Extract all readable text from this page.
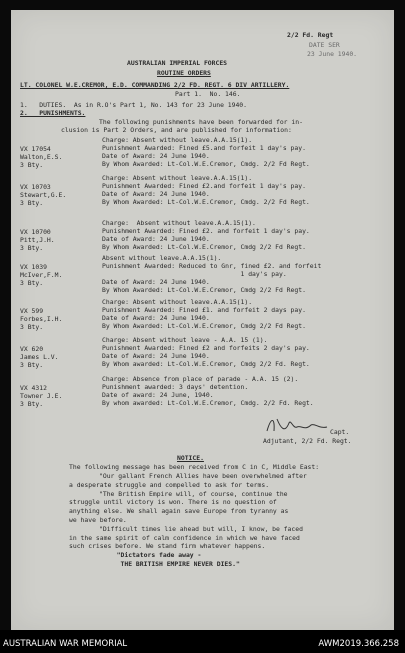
2/2 Fd. Regt
DATE SER
23 June 1940.
AUSTRALIAN IMPERIAL FORCES
ROUTINE ORDERS
LT. COLONEL W.E.CREMOR, E.D. COMMANDING 2/2 FD. REGT. 6 DIV ARTILLERY.
Part 1.  No. 146.
1.   DUTIES.  As in R.O's Part 1, No. 143 for 23 June 1940.
2.   PUNISHMENTS.
Capt.
Adjutant, 2/2 Fd. Regt.
NOTICE.
The following message has been received from C in C, Middle East:
The following punishments have been forwarded for in-
clusion is Part 2 Orders, and are published for information:
VX 17054
Walton,E.S.
3 Bty.
Charge: Absent without leave.A.A.15(1).
Punishment Awarded: Fined £5.and forfeit 1 day's pay.
Date of Award: 24 June 1940.
By Whom Awarded: Lt-Col.W.E.Cremor, Cmdg. 2/2 Fd Regt.
VX 10703
Stewart,G.E.
3 Bty.
Charge: Absent without leave.A.A.15(1).
Punishment Awarded: Fined £2.and forfeit 1 day's pay.
Date of Award: 24 June 1940.
By Whom Awarded: Lt-Col.W.E.Cremor, Cmdg. 2/2 Fd Regt.
VX 10700
Pitt,J.H.
3 Bty.
Charge:  Absent without leave.A.A.15(1).
Punishment Awarded: Fined £2. and forfeit 1 day's pay.
Date of Award: 24 June 1940.
By Whom Awarded: Lt-Col.W.E.Cremor, Cmdg 2/2 Fd Regt.
VX 1039
McIver,F.M.
3 Bty.
Absent without leave.A.A.15(1).
Punishment Awarded: Reduced to Gnr, fined £2. and forfeit
1 day's pay.
Date of Award: 24 June 1940.
By Whom Awarded: Lt-Col.W.E.Cremor, Cmdg 2/2 Fd Regt.
VX 599
Forbes,I.H.
3 Bty.
Charge: Absent without leave.A.A.15(1).
Punishment Awarded: Fined £1. and forfeit 2 days pay.
Date of Award: 24 June 1940.
By Whom Awarded: Lt-Col.W.E.Cremor, Cmdg 2/2 Fd Regt.
VX 620
James L.V.
3 Bty.
Charge: Absent without leave - A.A. 15 (1).
Punishment Awarded: Fined £2 and forfeits 2 day's pay.
Date of Award: 24 June 1940.
By Whom awarded: Lt-Col.W.E.Cremor, Cmdg 2/2 Fd. Regt.
VX 4312
Towner J.E.
3 Bty.
Charge: Absence from place of parade - A.A. 15 (2).
Punishment awarded: 3 days' detention.
Date of award: 24 June, 1940.
By whom awarded: Lt-Col.W.E.Cremor, Cmdg. 2/2 Fd. Regt.
"Our gallant French Allies have been overwhelmed after
a desperate struggle and compelled to ask for terms.
"The British Empire will, of course, continue the
struggle until victory is won. There is no question of
anything else. We shall again save Europe from tyranny as
we have before.
"Difficult times lie ahead but will, I know, be faced
in the same spirit of calm confidence in which we have faced
such crises before. We stand firm whatever happens.
"Dictators fade away -
THE BRITISH EMPIRE NEVER DIES."
AUSTRALIAN WAR MEMORIAL	AWM2019.366.258
